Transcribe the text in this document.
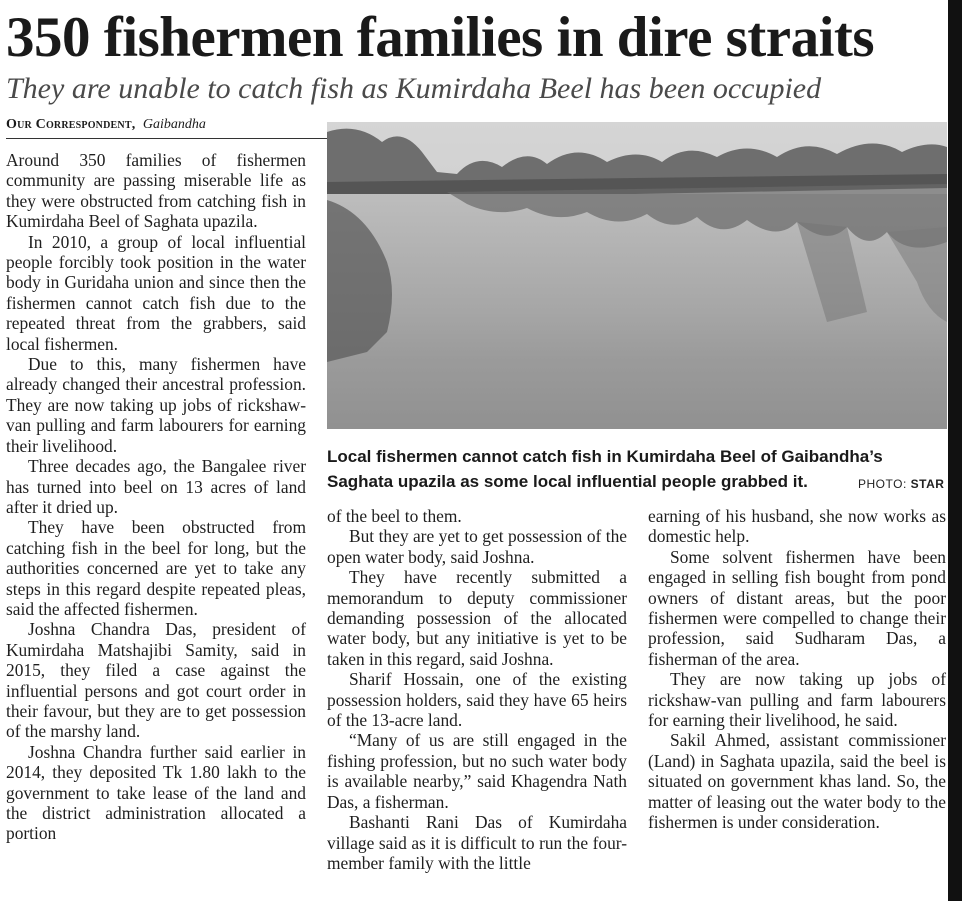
350 fishermen families in dire straits
They are unable to catch fish as Kumirdaha Beel has been occupied
Our Correspondent, Gaibandha

Around 350 families of fishermen community are passing miserable life as they were obstructed from catching fish in Kumirdaha Beel of Saghata upazila.

In 2010, a group of local influential people forcibly took position in the water body in Guridaha union and since then the fishermen cannot catch fish due to the repeated threat from the grabbers, said local fishermen.

Due to this, many fishermen have already changed their ancestral profession. They are now taking up jobs of rickshaw-van pulling and farm labourers for earning their livelihood.

Three decades ago, the Bangalee river has turned into beel on 13 acres of land after it dried up.

They have been obstructed from catching fish in the beel for long, but the authorities concerned are yet to take any steps in this regard despite repeated pleas, said the affected fishermen.

Joshna Chandra Das, president of Kumirdaha Matshajibi Samity, said in 2015, they filed a case against the influential persons and got court order in their favour, but they are to get possession of the marshy land.

Joshna Chandra further said earlier in 2014, they deposited Tk 1.80 lakh to the government to take lease of the land and the district administration allocated a portion

Local fishermen cannot catch fish in Kumirdaha Beel of Gaibandha’s
Saghata upazila as some local influential people grabbed it.	PHOTO: STAR

of the beel to them.

But they are yet to get possession of the open water body, said Joshna.

They have recently submitted a memorandum to deputy commissioner demanding possession of the allocated water body, but any initiative is yet to be taken in this regard, said Joshna.

Sharif Hossain, one of the existing possession holders, said they have 65 heirs of the 13-acre land.

“Many of us are still engaged in the fishing profession, but no such water body is available nearby,” said Khagendra Nath Das, a fisherman.

Bashanti Rani Das of Kumirdaha village said as it is difficult to run the four-member family with the little

earning of his husband, she now works as domestic help.

Some solvent fishermen have been engaged in selling fish bought from pond owners of distant areas, but the poor fishermen were compelled to change their profession, said Sudharam Das, a fisherman of the area.

They are now taking up jobs of rickshaw-van pulling and farm labourers for earning their livelihood, he said.

Sakil Ahmed, assistant commissioner (Land) in Saghata upazila, said the beel is situated on government khas land. So, the matter of leasing out the water body to the fishermen is under consideration.
